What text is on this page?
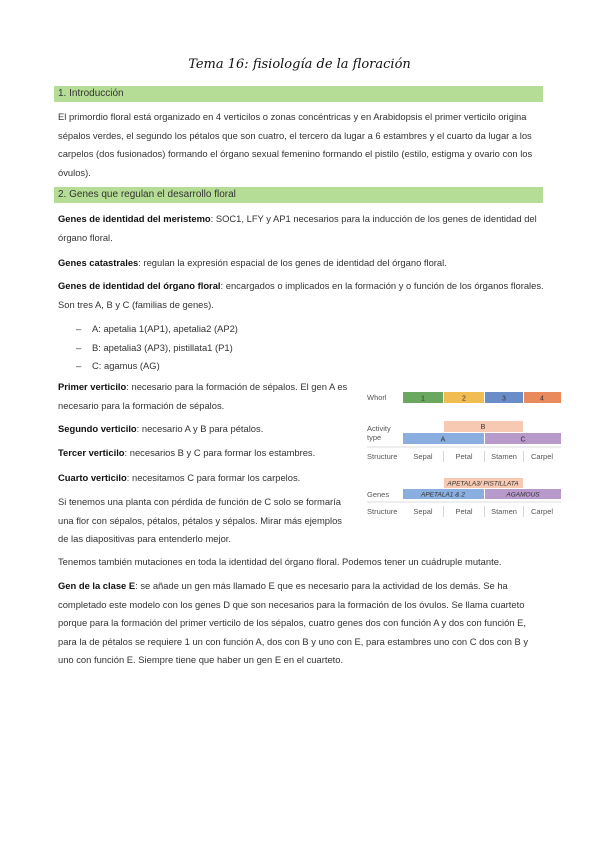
Tema 16: fisiología de la floración
1. Introducción

El primordio floral está organizado en 4 verticilos o zonas concéntricas y en Arabidopsis el primer verticilo origina sépalos verdes, el segundo los pétalos que son cuatro, el tercero da lugar a 6 estambres y el cuarto da lugar a los carpelos (dos fusionados) formando el órgano sexual femenino formando el pistilo (estilo, estigma y ovario con los óvulos).

2. Genes que regulan el desarrollo floral

Genes de identidad del meristemo: SOC1, LFY y AP1 necesarios para la inducción de los genes de identidad del órgano floral.

Genes catastrales: regulan la expresión espacial de los genes de identidad del órgano floral.

Genes de identidad del órgano floral: encargados o implicados en la formación y o función de los órganos florales. Son tres A, B y C (familias de genes).

– A: apetalia 1(AP1), apetalia2 (AP2)
– B: apetalia3 (AP3), pistillata1 (P1)
– C: agamus (AG)

Primer verticilo: necesario para la formación de sépalos. El gen A es necesario para la formación de sépalos.

Segundo verticilo: necesario A y B para pétalos.

Tercer verticilo: necesarios B y C para formar los estambres.

Cuarto verticilo: necesitamos C para formar los carpelos.

Si tenemos una planta con pérdida de función de C solo se formaría una flor con sépalos, pétalos, pétalos y sépalos. Mirar más ejemplos de las diapositivas para entenderlo mejor.

Whorl	1	2	3	4
Activity
type
B
A	C
Structure Sepal	Petal Stamen Carpel
APETALA3/ PISTILLATA
Genes	APETALA1 & 2	AGAMOUS
Structure Sepal	Petal Stamen Carpel

Tenemos también mutaciones en toda la identidad del órgano floral. Podemos tener un cuádruple mutante.

Gen de la clase E: se añade un gen más llamado E que es necesario para la actividad de los demás. Se ha completado este modelo con los genes D que son necesarios para la formación de los óvulos. Se llama cuarteto porque para la formación del primer verticilo de los sépalos, cuatro genes dos con función A y dos con función E, para la de pétalos se requiere 1 un con función A, dos con B y uno con E, para estambres uno con C dos con B y uno con función E. Siempre tiene que haber un gen E en el cuarteto.
